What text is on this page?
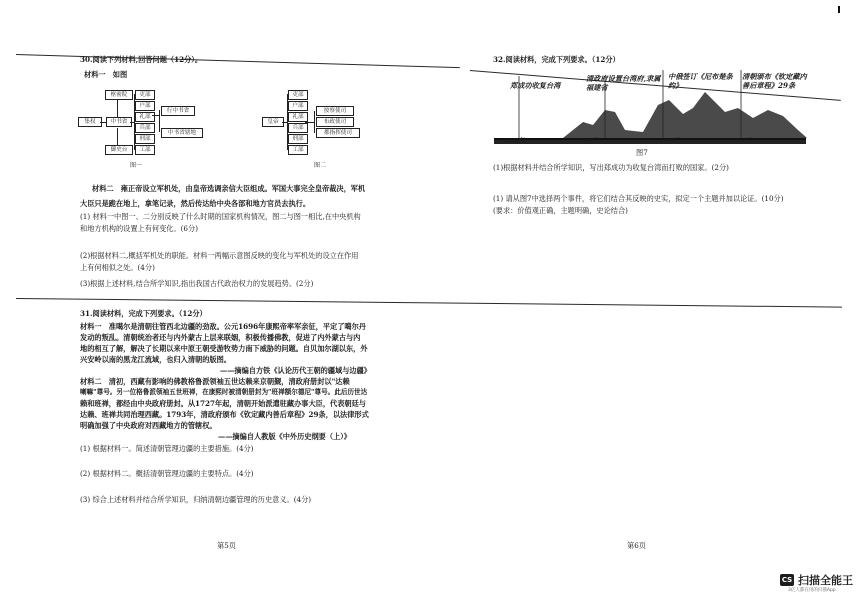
30.阅读下列材料,回答问题（12分）。
材料一　如图
集权	中书省
枢密院
御史台
吏部
户部
礼部
兵部
刑部
工部
行中书省
中书省辖地
图一
皇帝
吏部
户部
礼部
兵部
刑部
工部
按察使司
布政使司
都指挥使司
图二
材料二　雍正帝设立军机处，由皇帝选调亲信大臣组成。军国大事完全皇帝裁决，军机
大臣只是跪在地上，拿笔记录，然后传达给中央各部和地方官员去执行。
(1) 材料一中图一、二分别反映了什么时期的国家机构情况，图二与图一相比,在中央机构
和地方机构的设置上有何变化。(6分)
(2)根据材料二,概括军机处的职能。材料一两幅示意图反映的变化与军机处的设立在作用
上有何相似之处。(4分)
(3)根据上述材料,结合所学知识,指出我国古代政治权力的发展趋势。(2分)
31.阅读材料，完成下列要求。（12分）
材料一　准噶尔是清朝往管西北边疆的劲敌。公元1696年康熙帝率军亲征，平定了噶尔丹
发动的叛乱。清朝统治者还与内外蒙古上层来联姻，积极传播佛教，促进了内外蒙古与内
地的相互了解，解决了长期以来中原王朝受游牧势力南下威胁的问题。自贝加尔湖以东，外
兴安岭以南的黑龙江流域，也归入清朝的版图。
——摘编自方铁《认论历代王朝的疆域与边疆》
材料二　清初，西藏有影响的佛教格鲁派领袖五世达赖来京朝觐，清政府册封以"达赖
喇嘛"尊号。另一位格鲁派领袖五世班禅，在康熙时被清朝册封为"班禅额尔德尼"尊号。此后历世达
赖和班禅，都经由中央政府册封。从1727年起，清朝开始派遣驻藏办事大臣，代表朝廷与
达赖、班禅共同治理西藏。1793年，清政府颁布《钦定藏内善后章程》29条，以法律形式
明确加强了中央政府对西藏地方的管辖权。
——摘编自人教版《中外历史纲要（上）》
(1) 根据材料一。简述清朝管理边疆的主要措施。(4分)
(2) 根据材料二。概括清朝管理边疆的主要特点。(4分)
(3) 综合上述材料并结合所学知识，归纳清朝边疆管理的历史意义。(4分)
第5页
32.阅读材料，完成下列要求。（12分）
郑成功收复台湾
清政府设置台湾府,隶属福建省
中俄签订《尼布楚条约》
清朝颁布《钦定藏内善后章程》29条
1662年	1684年	1689年	1793年
图7
(1)根据材料并结合所学知识，写出郑成功为收复台湾而打败的国家。(2分)
(1) 请从图7中选择两个事件，将它们结合其反映的史实，拟定一个主题并加以论证。(10分)
(要求：价值观正确，主题明确，史论结合)
第6页
CS 扫描全能王
3亿人都在用的扫描App
